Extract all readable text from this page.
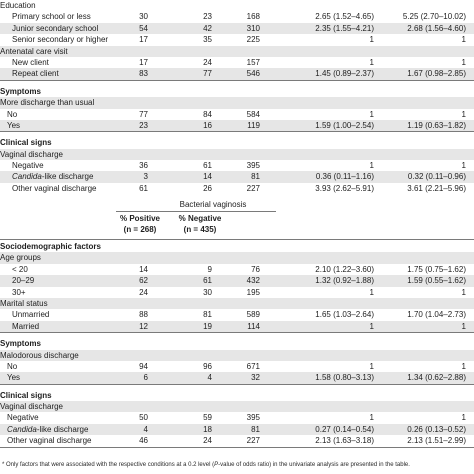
Education
Primary school or less	30	23	168	2.65 (1.52–4.65)	5.25 (2.70–10.02)
Junior secondary school	54	42	310	2.35 (1.55–4.21)	2.68 (1.56–4.60)
Senior secondary or higher	17	35	225	1	1
Antenatal care visit
New client	17	24	157	1	1
Repeat client	83	77	546	1.45 (0.89–2.37)	1.67 (0.98–2.85)
Symptoms
More discharge than usual
No	77	84	584	1	1
Yes	23	16	119	1.59 (1.00–2.54)	1.19 (0.63–1.82)
Clinical signs
Vaginal discharge
Negative	36	61	395	1	1
Candida-like discharge	3	14	81	0.36 (0.11–1.16)	0.32 (0.11–0.96)
Other vaginal discharge	61	26	227	3.93 (2.62–5.91)	3.61 (2.21–5.96)
Bacterial vaginosis
% Positive
(n = 268)
% Negative
(n = 435)
Sociodemographic factors
Age groups
< 20	14	9	76	2.10 (1.22–3.60)	1.75 (0.75–1.62)
20–29	62	61	432	1.32 (0.92–1.88)	1.59 (0.55–1.62)
30+	24	30	195	1	1
Marital status
Unmarried	88	81	589	1.65 (1.03–2.64)	1.70 (1.04–2.73)
Married	12	19	114	1	1
Symptoms
Malodorous discharge
No	94	96	671	1	1
Yes	6	4	32	1.58 (0.80–3.13)	1.34 (0.62–2.88)
Clinical signs
Vaginal discharge
Negative	50	59	395	1	1
Candida-like discharge	4	18	81	0.27 (0.14–0.54)	0.26 (0.13–0.52)
Other vaginal discharge	46	24	227	2.13 (1.63–3.18)	2.13 (1.51–2.99)
* Only factors that were associated with the respective conditions at a 0.2 level (P-value of odds ratio) in the univariate analysis are presented in the table.
